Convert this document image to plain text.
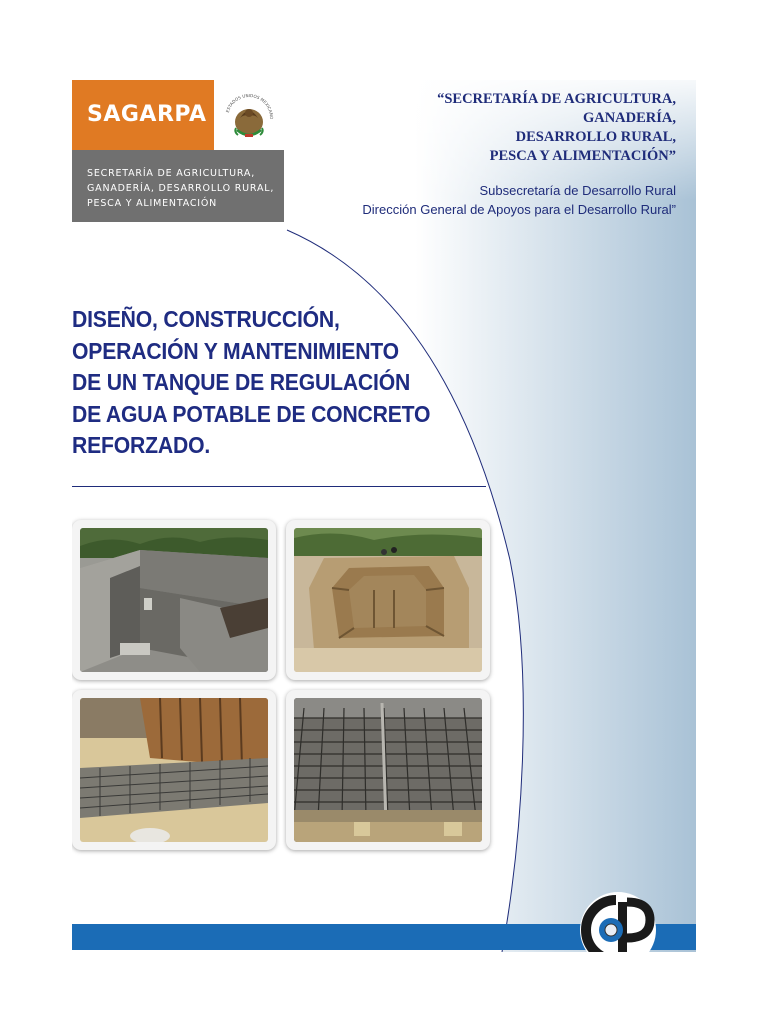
SAGARPA	ESTADOS UNIDOS MEXICANO
SECRETARÍA DE AGRICULTURA,
GANADERÍA, DESARROLLO RURAL,
PESCA Y ALIMENTACIÓN
“SECRETARÍA DE AGRICULTURA,
GANADERÍA,
DESARROLLO RURAL,
PESCA Y ALIMENTACIÓN”
Subsecretaría de Desarrollo Rural
Dirección General de Apoyos para el Desarrollo Rural”
DISEÑO, CONSTRUCCIÓN,
OPERACIÓN Y MANTENIMIENTO
DE UN TANQUE DE REGULACIÓN
DE AGUA POTABLE DE CONCRETO
REFORZADO.
